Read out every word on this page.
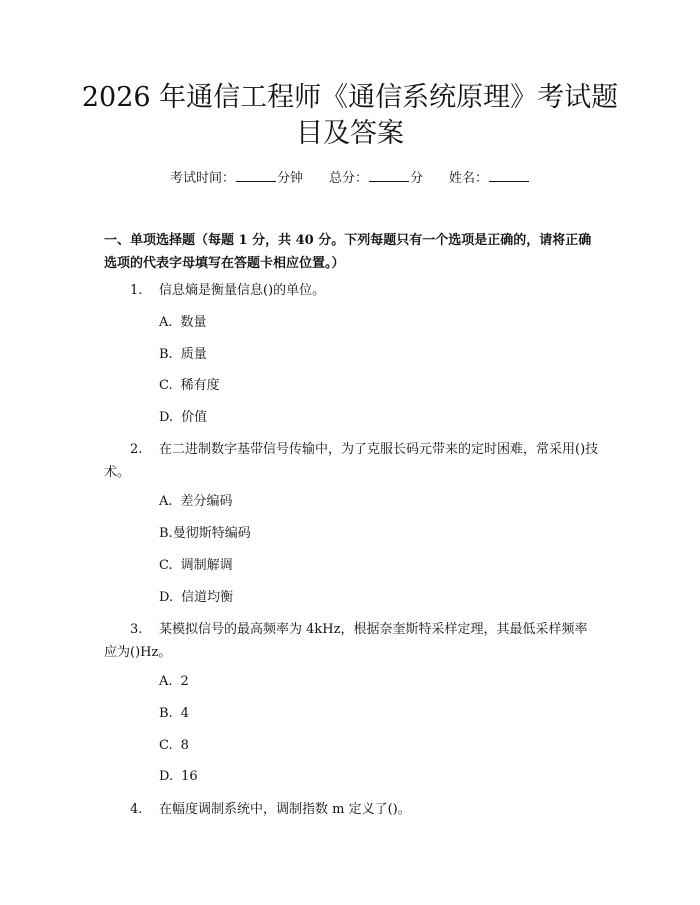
2026 年通信工程师《通信系统原理》考试题
目及答案
考试时间：	分钟 总分：	分 姓名：
一、单项选择题（每题 1 分，共 40 分。下列每题只有一个选项是正确的，请将正确选项的代表字母填写在答题卡相应位置。）
1. 信息熵是衡量信息()的单位。
A. 数量
B. 质量
C. 稀有度
D. 价值
2. 在二进制数字基带信号传输中，为了克服长码元带来的定时困难，常采用()技术。
A. 差分编码
B.曼彻斯特编码
C. 调制解调
D. 信道均衡
3. 某模拟信号的最高频率为 4kHz，根据奈奎斯特采样定理，其最低采样频率应为()Hz。
A. 2
B. 4
C. 8
D. 16
4. 在幅度调制系统中，调制指数 m 定义了()。
